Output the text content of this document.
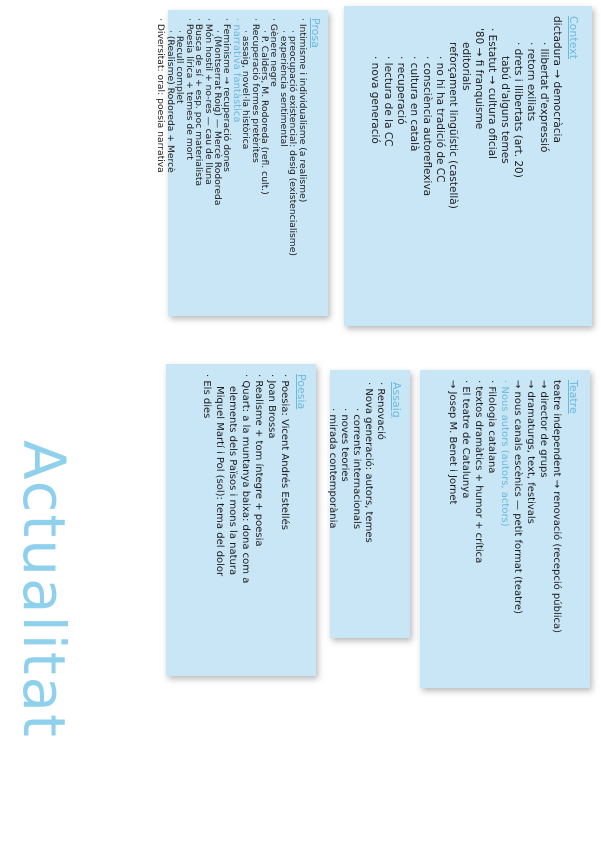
Context
dictadura → democràcia
· llibertat d'expressió
· retorn exiliats
· drets i llibertats (art. 20)
tabú d'alguns temes
· Estatut → cultura oficial
'80 → fi franquisme
editorials
reforçament lingüístic (castellà)
· no hi ha tradició de CC
· consciència autoreflexiva
· cultura en català
· recuperació
· lectura de la CC
· nova generació
Prosa
· Intimisme i individualisme (a realisme)
· preocupació existencial: desig (existencialisme)
· experiència sentimental
· Gènere negre
· P. Calders, M. Rodoreda (refl. cult.)
· Recuperació formes pretèrites
· assaig, novel·la històrica
· narrativa fantàstica
· Feminisme → recuperació dones
· (Montserrat Roig) — Mercè Rodoreda
· Món hostil + no-res — cau de lluna
· Busca de sí + esp. poc materialista
· Poesia lírica + temes de mort
· Recull complet
· (Realisme) Rodoreda + Mercè
· Diversitat: oral: poesia narrativa
Teatre
teatre independent → renovació (recepció pública)
→ director de grups
→ dramaturgs, text, festivals
→ nous canals escènics — petit format (teatre)
· Nous autors (autors, actors)
· Filologia catalana
· textos dramàtics + humor + crítica
· El teatre de Catalunya
→ Josep M. Benet i Jornet
Assaig
· Renovació
· Nova generació: autors, temes
· corrents internacionals
· noves teories
· mirada contemporània
Poesia
· Poesia: Vicent Andrés Estellés
· Joan Brossa
· Realisme + tom íntegre + poesia
· Quart: a la muntanya baixa: dona com a
elements dels Països i mons la natura
Miquel Martí i Pol (sol): tema del dolor
· Els dies
Actualitat
